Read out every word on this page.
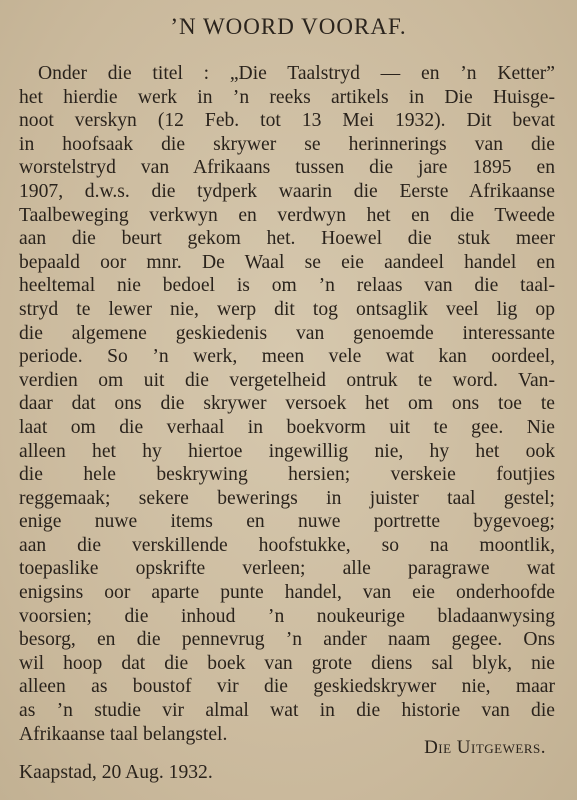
’N WOORD VOORAF.
Onder die titel : „Die Taalstryd — en ’n Ketter”
het hierdie werk in ’n reeks artikels in Die Huisge-
noot verskyn (12 Feb. tot 13 Mei 1932). Dit bevat
in hoofsaak die skrywer se herinnerings van die
worstelstryd van Afrikaans tussen die jare 1895 en
1907, d.w.s. die tydperk waarin die Eerste Afrikaanse
Taalbeweging verkwyn en verdwyn het en die Tweede
aan die beurt gekom het. Hoewel die stuk meer
bepaald oor mnr. De Waal se eie aandeel handel en
heeltemal nie bedoel is om ’n relaas van die taal-
stryd te lewer nie, werp dit tog ontsaglik veel lig op
die algemene geskiedenis van genoemde interessante
periode. So ’n werk, meen vele wat kan oordeel,
verdien om uit die vergetelheid ontruk te word. Van-
daar dat ons die skrywer versoek het om ons toe te
laat om die verhaal in boekvorm uit te gee. Nie
alleen het hy hiertoe ingewillig nie, hy het ook
die hele beskrywing hersien; verskeie foutjies
reggemaak; sekere bewerings in juister taal gestel;
enige nuwe items en nuwe portrette bygevoeg;
aan die verskillende hoofstukke, so na moontlik,
toepaslike opskrifte verleen; alle paragrawe wat
enigsins oor aparte punte handel, van eie onderhoofde
voorsien; die inhoud ’n noukeurige bladaanwysing
besorg, en die pennevrug ’n ander naam gegee. Ons
wil hoop dat die boek van grote diens sal blyk, nie
alleen as boustof vir die geskiedskrywer nie, maar
as ’n studie vir almal wat in die historie van die
Afrikaanse taal belangstel.
Die Uitgewers.
Kaapstad, 20 Aug. 1932.
